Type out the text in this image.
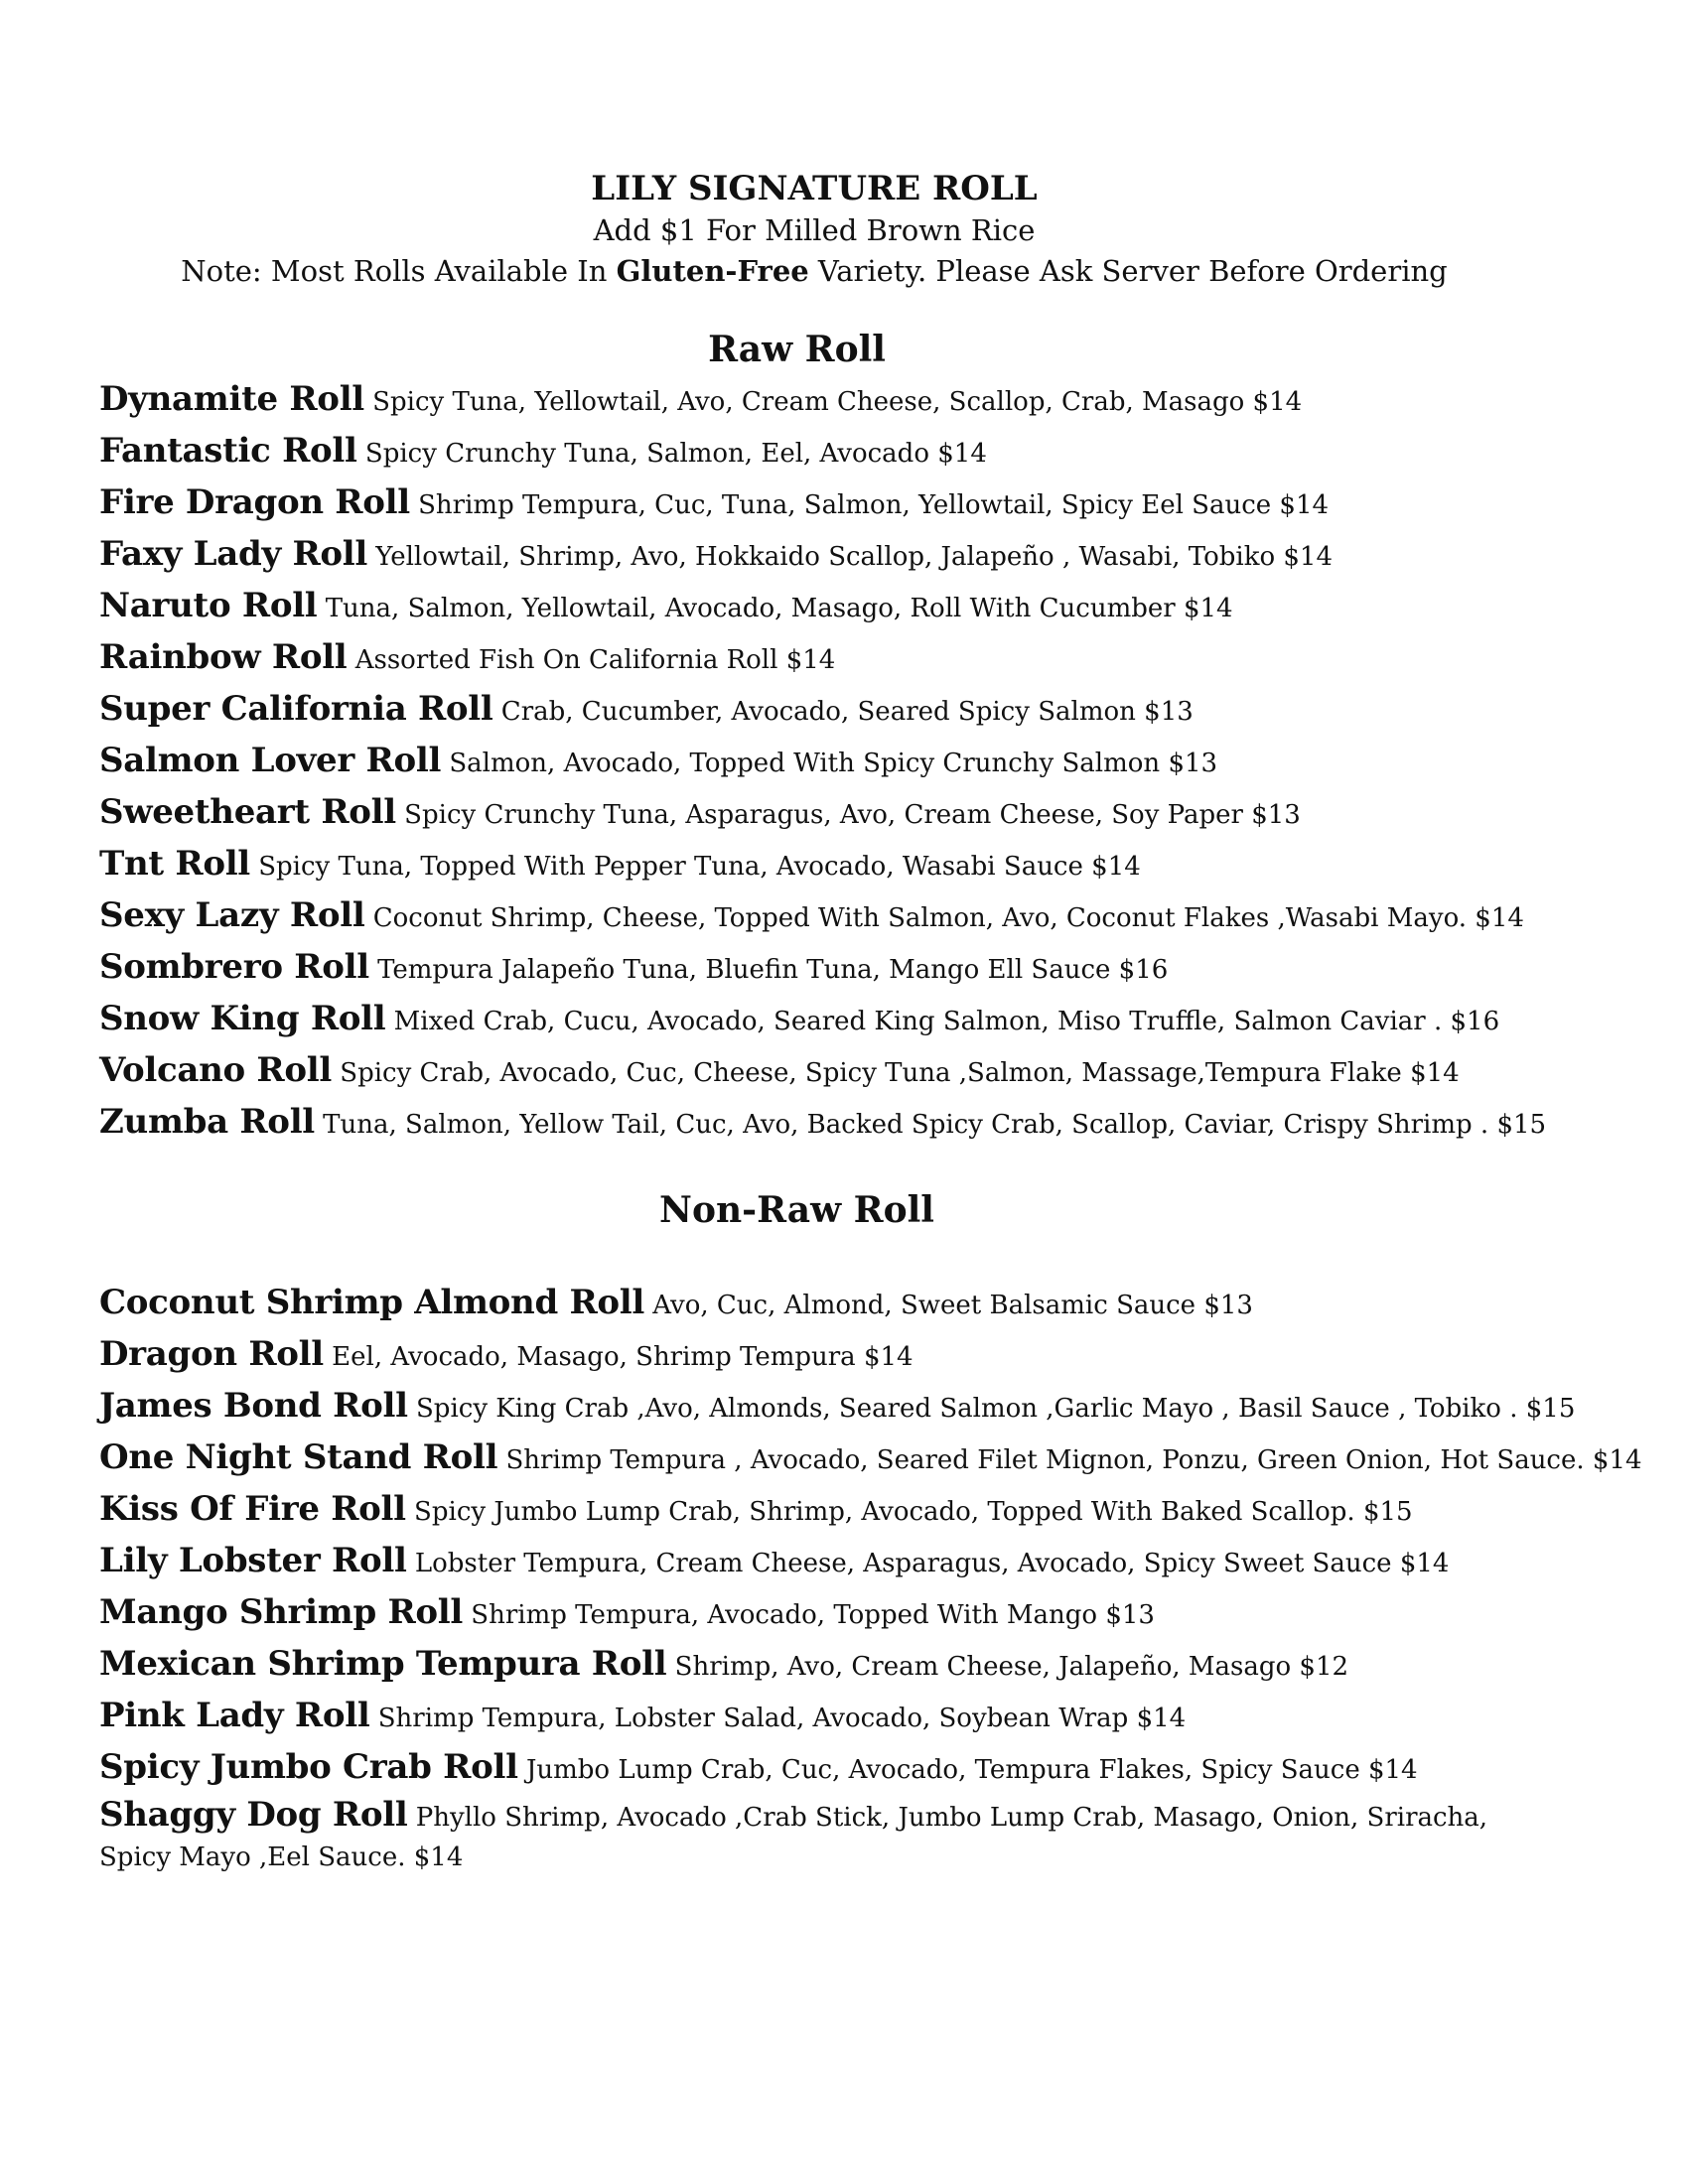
LILY SIGNATURE ROLL
Add $1 For Milled Brown Rice
Note: Most Rolls Available In Gluten-Free Variety. Please Ask Server Before Ordering
Raw Roll
Dynamite Roll Spicy Tuna, Yellowtail, Avo, Cream Cheese, Scallop, Crab, Masago $14
Fantastic Roll Spicy Crunchy Tuna, Salmon, Eel, Avocado $14
Fire Dragon Roll Shrimp Tempura, Cuc, Tuna, Salmon, Yellowtail, Spicy Eel Sauce $14
Faxy Lady Roll Yellowtail, Shrimp, Avo, Hokkaido Scallop, Jalapeño , Wasabi, Tobiko $14
Naruto Roll Tuna, Salmon, Yellowtail, Avocado, Masago, Roll With Cucumber $14
Rainbow Roll Assorted Fish On California Roll $14
Super California Roll Crab, Cucumber, Avocado, Seared Spicy Salmon $13
Salmon Lover Roll Salmon, Avocado, Topped With Spicy Crunchy Salmon $13
Sweetheart Roll Spicy Crunchy Tuna, Asparagus, Avo, Cream Cheese, Soy Paper $13
Tnt Roll Spicy Tuna, Topped With Pepper Tuna, Avocado, Wasabi Sauce $14
Sexy Lazy Roll Coconut Shrimp, Cheese, Topped With Salmon, Avo, Coconut Flakes ,Wasabi Mayo. $14
Sombrero Roll Tempura Jalapeño Tuna, Bluefin Tuna, Mango Ell Sauce $16
Snow King Roll Mixed Crab, Cucu, Avocado, Seared King Salmon, Miso Truffle, Salmon Caviar . $16
Volcano Roll Spicy Crab, Avocado, Cuc, Cheese, Spicy Tuna ,Salmon, Massage,Tempura Flake $14
Zumba Roll Tuna, Salmon, Yellow Tail, Cuc, Avo, Backed Spicy Crab, Scallop, Caviar, Crispy Shrimp . $15
Non-Raw Roll
Coconut Shrimp Almond Roll Avo, Cuc, Almond, Sweet Balsamic Sauce $13
Dragon Roll Eel, Avocado, Masago, Shrimp Tempura $14
James Bond Roll Spicy King Crab ,Avo, Almonds, Seared Salmon ,Garlic Mayo , Basil Sauce , Tobiko . $15
One Night Stand Roll Shrimp Tempura , Avocado, Seared Filet Mignon, Ponzu, Green Onion, Hot Sauce. $14
Kiss Of Fire Roll Spicy Jumbo Lump Crab, Shrimp, Avocado, Topped With Baked Scallop. $15
Lily Lobster Roll Lobster Tempura, Cream Cheese, Asparagus, Avocado, Spicy Sweet Sauce $14
Mango Shrimp Roll Shrimp Tempura, Avocado, Topped With Mango $13
Mexican Shrimp Tempura Roll Shrimp, Avo, Cream Cheese, Jalapeño, Masago $12
Pink Lady Roll Shrimp Tempura, Lobster Salad, Avocado, Soybean Wrap $14
Spicy Jumbo Crab Roll Jumbo Lump Crab, Cuc, Avocado, Tempura Flakes, Spicy Sauce $14
Shaggy Dog Roll Phyllo Shrimp, Avocado ,Crab Stick, Jumbo Lump Crab, Masago, Onion, Sriracha, Spicy Mayo ,Eel Sauce. $14
